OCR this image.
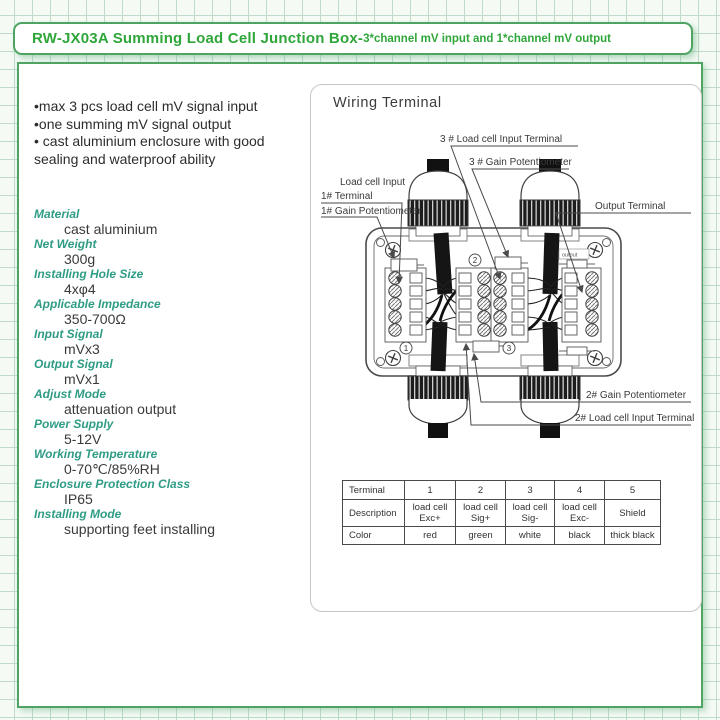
RW-JX03A Summing Load Cell Junction Box- 3*channel mV input and 1*channel mV output
•max 3 pcs load cell mV signal input
•one summing mV signal output
• cast aluminium enclosure with good sealing and waterproof ability
Material
cast aluminium
Net Weight
300g
Installing Hole Size
4xφ4
Applicable Impedance
350-700Ω
Input Signal
mVx3
Output Signal
mVx1
Adjust Mode
attenuation output
Power Supply
5-12V
Working Temperature
0-70℃/85%RH
Enclosure Protection Class
IP65
Installing Mode
supporting feet installing
Wiring Terminal
output
1
2
3
3 # Load cell Input Terminal
3 # Gain Potentiometer
Load cell Input
1# Terminal
1# Gain Potentiometer	Output Terminal
2# Gain Potentiometer
2# Load cell Input Terminal
Terminal	1	2	3	4	5
Description	load cell Exc+	load cell Sig+	load cell Sig-	load cell Exc-	Shield
Color	red	green	white	black	thick black
